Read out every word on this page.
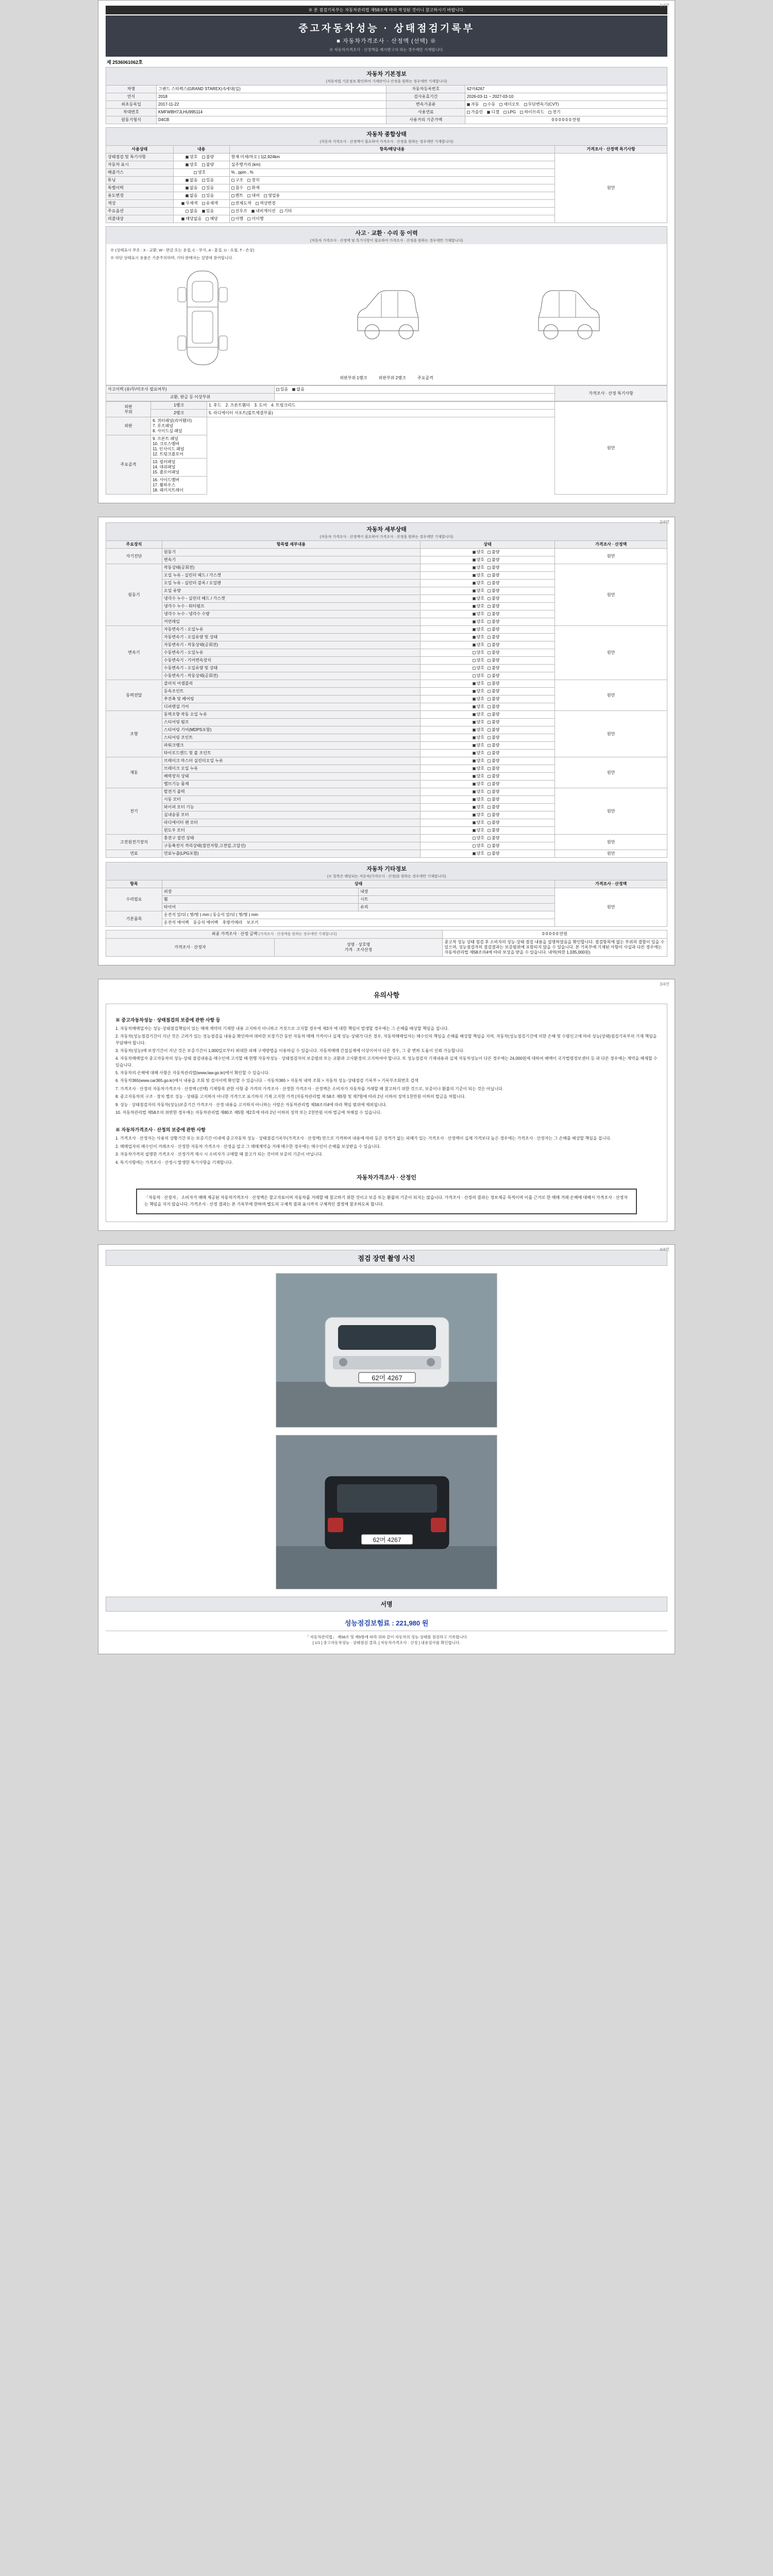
1/4면
※ 본 점검기록부는 자동차관리법 제58조에 따라 작성된 것이니 참고하시기 바랍니다.
중고자동차성능 · 상태점검기록부
■ 자동차가격조사 · 산정액 (선택) ※
※ 자동차가격조사 · 산정액을 제시받고자 하는 경우에만 기재합니다.
제 2536061062호
자동차 기본정보
(자동차법 기본정보 확인하여 기재란이나 산정을 원하는 경우에만 기재합니다)
차명	그랜드 스타렉스(GRAND STAREX)-5세대(일)	자동차등록번호	62머4267
연식	2018	검사유효기간	2026-03-11 ~ 2027-03-10
최초등록일	2017-11-22	변속기종류	자동 수동 세미오토 무단변속기(CVT)
차대번호	KMFWBH7JLHU995114	사용연료	가솔린 디젤 LPG 하이브리드 전기
원동기형식	D4CB	사용거리 기준가액	0 0 0 0 0 0 만원
자동차 종합상태
(자동차 가격조사 · 산정액이 필요하여 가격조사 · 산정을 원하는 경우에만 기재합니다)
사용상태	내용	항목/해당내용	가격조사 · 산정액 특기사항
상태점검 및 특기사항	양호 불량	현재 미세/차오 | 1|2,924km	원만
자동차 표시	양호 불량	실주행거리 (km)	
배출가스	양호	% , ppm , %	
튜닝	없음 있음	구조 장치	
특별이력	없음 있음	침수 화재	
용도변경	없음 있음	렌트 대여 영업용	
색상	무채색 유채색	전체도색 색상변경	
주요옵션	없음 있음	선루프 내비게이션 기타	
리콜대상	해당없음 해당	이행 미이행	
사고 · 교환 · 수리 등 이력
(자동차 가격조사 · 산정액 및 특기사항이 필요하여 가격조사 · 산정을 원하는 경우에만 기재합니다)
※ (상태표시 부호 : X - 교환, W - 판금 또는 용접, C - 부식, A - 흠집, U - 요철, T - 손상)
※ 하단 상태표시 용품은 기준주의하며, 기타 판매자는 설명에 참여합니다.
외판부위 1랭크	외판부위 2랭크	주요골격
사고이력 (유/무/미조사 필요여부)	있음 없음	가격조사 · 산정 특기사항
교환, 판금 등 이상부위		
외판
부위	1랭크	1. 후드 2. 프론트휀더 3. 도어 4. 트렁크리드	원만
	2랭크	5. 라디에이터 서포트(볼트체결부품)	
외판	6. 쿼터패널(리어휀더) 7. 루프패널 8. 사이드실 패널		
주요골격	9. 프론트 패널 10. 크로스멤버 11. 인사이드 패널 12. 트렁크플로어		
	13. 필러패널 14. 대쉬패널 15. 플로어패널		
	16. 사이드멤버 17. 휠하우스 18. 패키지트레이		
2/4면
자동차 세부상태
(자동차 가격조사 · 산정액이 필요하여 가격조사 · 산정을 원하는 경우에만 기재합니다)
주요장치	항목별 세부내용	상태	가격조사 · 산정액
자기진단	원동기	양호 불량	원만
	변속기	양호 불량	
원동기	작동상태(공회전)	양호 불량	원만
	오일 누유 - 실린더 헤드 / 가스켓	양호 불량	
	오일 누유 - 실린더 블록 / 오일팬	양호 불량	
	오일 유량	양호 불량	
	냉각수 누수 - 실린더 헤드 / 가스켓	양호 불량	
	냉각수 누수 - 워터펌프	양호 불량	
	냉각수 누수 - 냉각수 수량	양호 불량	
	커먼레일	양호 불량	
변속기	자동변속기 - 오일누유	양호 불량	원만
	자동변속기 - 오일유량 및 상태	양호 불량	
	자동변속기 - 작동상태(공회전)	양호 불량	
	수동변속기 - 오일누유	양호 불량	
	수동변속기 - 기어변속장치	양호 불량	
	수동변속기 - 오일유량 및 상태	양호 불량	
	수동변속기 - 작동상태(공회전)	양호 불량	
동력전달	클러치 어셈블리	양호 불량	원만
	등속조인트	양호 불량	
	추진축 및 베어링	양호 불량	
	디퍼렌셜 기어	양호 불량	
조향	동력조향 작동 오일 누유	양호 불량	원만
	스티어링 펌프	양호 불량	
	스티어링 기어(MDPS포함)	양호 불량	
	스티어링 조인트	양호 불량	
	파워크랭크	양호 불량	
	타이로드엔드 및 볼 조인트	양호 불량	
제동	브레이크 마스터 실린더오일 누유	양호 불량	원만
	브레이크 오일 누유	양호 불량	
	배력장치 상태	양호 불량	
	밸브기능 룸체	양호 불량	
전기	발전기 출력	양호 불량	원만
	시동 모터	양호 불량	
	와이퍼 모터 기능	양호 불량	
	실내송풍 모터	양호 불량	
	라디에이터 팬 모터	양호 불량	
	윈도우 모터	양호 불량	
고전원전기장치	충전구 절연 상태	양호 불량	원만
	구동축전지 격리상태(절연저항,고전압,고압선)	양호 불량	
연료	연료누출(LPG포함)	양호 불량	원만
자동차 기타정보
(※ 항목은 해당되는 자동차(가격조사 · 산정)를 원하는 경우에만 기재합니다)
항목	상태		가격조사 · 산정액
수리필요	외장	내장	원만
	휠	시트	
	타이어	유리	
기본품목	운전석 앞/뒤 ( 몇/몇 ) mm | 동승석 앞/뒤 ( 몇/몇 ) mm		
	운전석 에어백 동승석 에어백 후방카메라 보조키		
최종 가격조사 · 산정 금액 (가격조사 · 산정액을 원하는 경우에만 기재합니다)		0 0 0 0 0 만원
가격조사 · 산정자	성명 · 상호명
가격 · 조사산정	중고차 성능 상태 점검 후 소비자의 성능·상태 점검 내용을 설명하였음을 확인합니다. 점검항목에 없는 부위의 결함이 있을 수 있으며, 성능점검자의 점검결과는 보증범위에 포함되지 않을 수 있습니다. 본 기록부에 기재된 사항이 사실과 다른 경우에는 자동차관리법 제58조의4에 따라 보상을 받을 수 있습니다. 내역(하한 1,035,000원)
3/4면
유의사항
※ 중고자동차성능 · 상태점검의 보증에 관한 사항 등
1. 자동차매매업자는 성능·상태점검책임이 있는 매매 계약의 기재한 내용 고지하지 아니하고 거짓으로 고지할 경우에 제3자 에 대한 책임이 발생할 경우에는 그 손해를 배상할 책임을 집니다.
2. 자동차(성능점검기간이 지난 것은 고려가 있는 성능점검을 내용을 확인하여 대비한 보장기간 동안 자동차 매매 가격이나 실제 성능·상태가 다른 경우, 자동차매매업자는 매수인의 책임을 손해를 배상할 책임을 지며, 자동차(성능점검기간에 의한 손해 및 수량신고에 따라 성능(상태)점검기록부의 기재 책임을 부담해야 합니다.
3. 자동차(성능)에 보장기간이 지난 것은 보증기간이 1,000일로부터 최대한 피해 구제방법을 이용하실 수 있습니다. 자동차매매 간접실제에 이상이어서 다른 경우, 그 중 변하 도움이 신뢰 가능합니다.
4. 자동차매매업자 중고자동차의 성능·상태 점검내용을 매수인에 고지할 때 현행 자동차성능 · 상태점검자의 보증범위 또는 교환과 고사환경의 고지하여야 합니다. 또 성능점검자 기재내용과 실제 자동차성능이 다른 경우에는 24,000원에 대하여 배액이 국가법령정보센터 등 과 다른 경우에는 계약을 해제할 수 있습니다.
5. 자동차의 손해에 대해 사항은 자동차관리법(www.law.go.kr)에서 확인할 수 있습니다.
6. 자동차365(www.car365.go.kr)에서 내용을 조회 및 검사이력 확인할 수 있습니다. - 자동차365 > 자동차 내역 조회 > 자동차 성능·상태점검 기록부 > 기록부조회번호 검색
7. 가격조사 · 산정의 자동차가격조사 · 산정액 (선택) 기재항목 관한 사항 중 가격의 가격조사 · 산정한 가격조사 · 산정액은 소비자가 자동차를 거래할 때 참고하기 위한 것으로, 보증이나 환불의 기준이 되는 것은 아닙니다.
8. 중고자동차의 구조 · 장치 별로 성능 · 상태를 고지하지 아니한 가격으로 표기하지 기재 고지한 가격 [자동차관리법 제 58조 제5항 및 제7항에 따라 2년 이하의 징역 1천만원 이하의 벌금을 처합니다.
9. 성능 · 상태점검자의 자동차(성능)보증기간 가격조사 · 산정 내용을 고지하지 아니하는 사람은 자동차관리법 제58조의4에 따라 책임 범위에 제외됩니다.
10. 자동차관리법 제58조의 위반한 경우에는 자동차관리법 제80조 제5항 제2호에 따라 2년 이하의 징역 또는 2천만원 이하 벌금에 처해질 수 있습니다.
※ 자동차가격조사 · 산정의 보증에 관한 사항
1. 가격조사 · 산정자는 사용의 상황기간 또는 보증기간 이내에 중고자동차 성능 · 상태점검기록부(가격조사 · 산정액) 만으로 가격하여 내용에 따라 등은 성격가 없는 피해가 있는 가격조사 · 산정액이 실제 가격보다 높은 경우에는 가격조사 · 산정자는 그 손해를 배상할 책임을 집니다.
2. 매매업자의 매수인이 거래조사 · 산정한 자동차 가격조사 · 산정을 알고 그 매매계약을 거래 매수한 경우에는 매수인이 손해를 보상받을 수 있습니다.
3. 자동차가격의 설명한 가격조사 · 산정가격 제시 시 소비자가 구매할 때 참고가 되는 것이며 보증의 기준이 아닙니다.
4. 특기사항에는 가격조사 · 산정시 발생한 특기사항을 기재합니다.
자동차가격조사 · 산정인
「자동차 · 산정자」 소비자가 매매 제공된 자동차가격조사 · 산정액은 참고자료이며 자동차를 거래할 때 참고하기 위한 것이고 보증 또는 환불의 기준이 되지는 않습니다. 가격조사 · 산정의 결과는 정보제공 목적이며 이를 근거로 한 매매 거래 손해에 대해서 가격조사 · 산정자는 책임을 지지 않습니다. 가격조사 · 산정 결과는 본 기록부에 한하며 별도의 구체적 결과 표시까지 구체적인 결정에 참조하도록 합니다.
4/4면
점검 장면 촬영 사진
62머 4267
62머 4267
서명
성능점검보험료 : 221,980 원
「 자동차관리법」 제58조 및 제5항에 따라 위와 같이 자동차의 성능·상태를 점검하고 기록합니다.
[ 1/1 ] 중고자동차성능 · 상태점검 결과, [ 자동차가격조사 · 산정 ] 내용검사를 확인합니다.
